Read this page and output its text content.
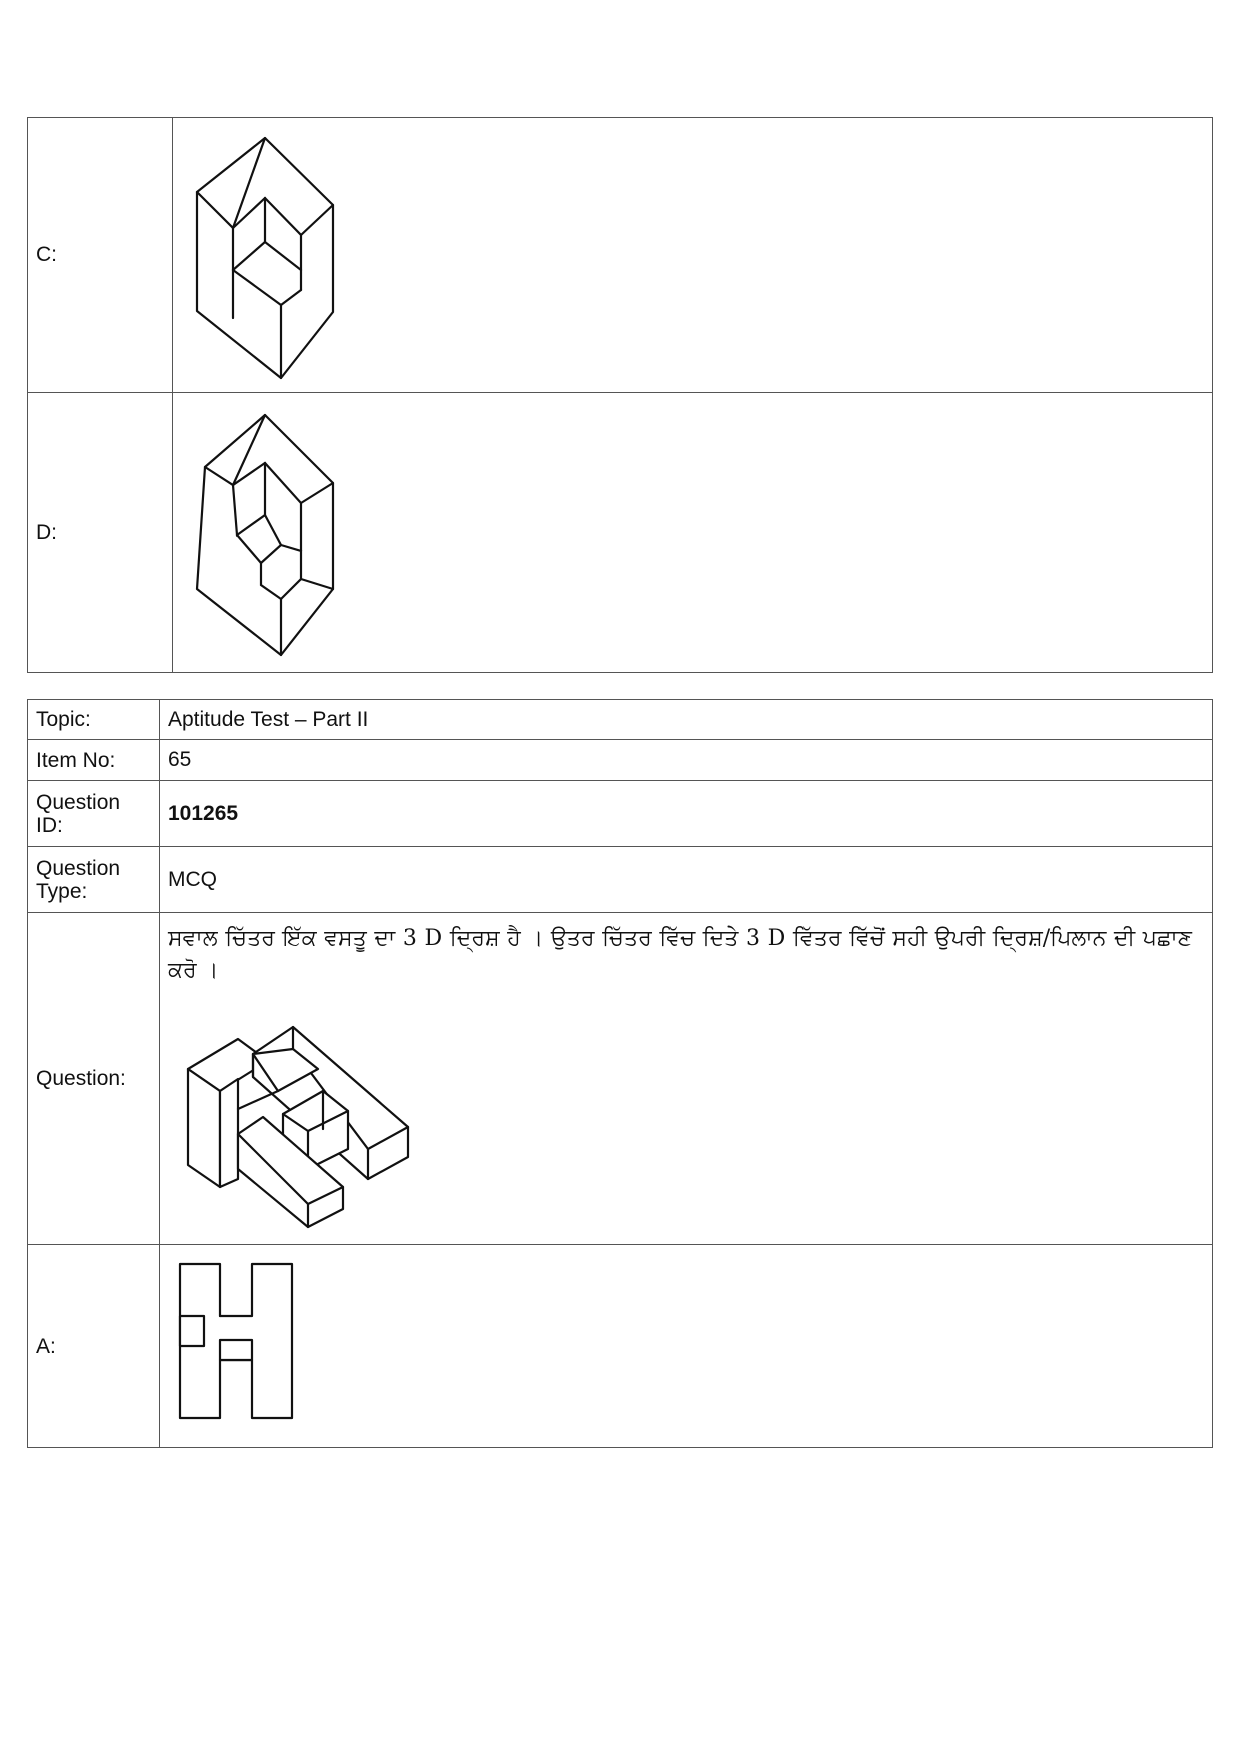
C:	

D:	
Topic:	Aptitude Test – Part II
Item No:	65
Question ID:	101265
Question Type:	MCQ
Question:	ਸਵਾਲ ਚਿੱਤਰ ਇੱਕ ਵਸਤੂ ਦਾ 3 D ਦ੍ਰਿਸ਼ ਹੈ । ਉਤਰ ਚਿੱਤਰ ਵਿੱਚ ਦਿਤੇ 3 D ਵਿੱਤਰ ਵਿੱਚੋਂ ਸਹੀ ਉਪਰੀ ਦ੍ਰਿਸ਼/ਪਿਲਾਨ ਦੀ ਪਛਾਣ ਕਰੋ ।

A:	
